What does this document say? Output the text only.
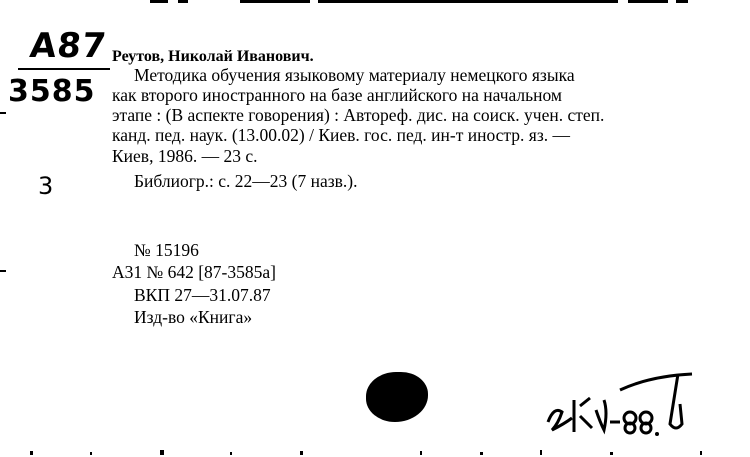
A87
3585
3
Реутов, Николай Иванович.
Методика обучения языковому материалу немецкого языка
как второго иностранного на базе английского на начальном
этапе : (В аспекте говорения) : Автореф. дис. на соиск. учен. степ.
канд. пед. наук. (13.00.02) / Киев. гос. пед. ин-т иностр. яз. —
Киев, 1986. — 23 с.
Библиогр.: с. 22—23 (7 назв.).
№ 15196
А31 № 642 [87-3585а]
ВКП 27—31.07.87
Изд-во «Книга»
